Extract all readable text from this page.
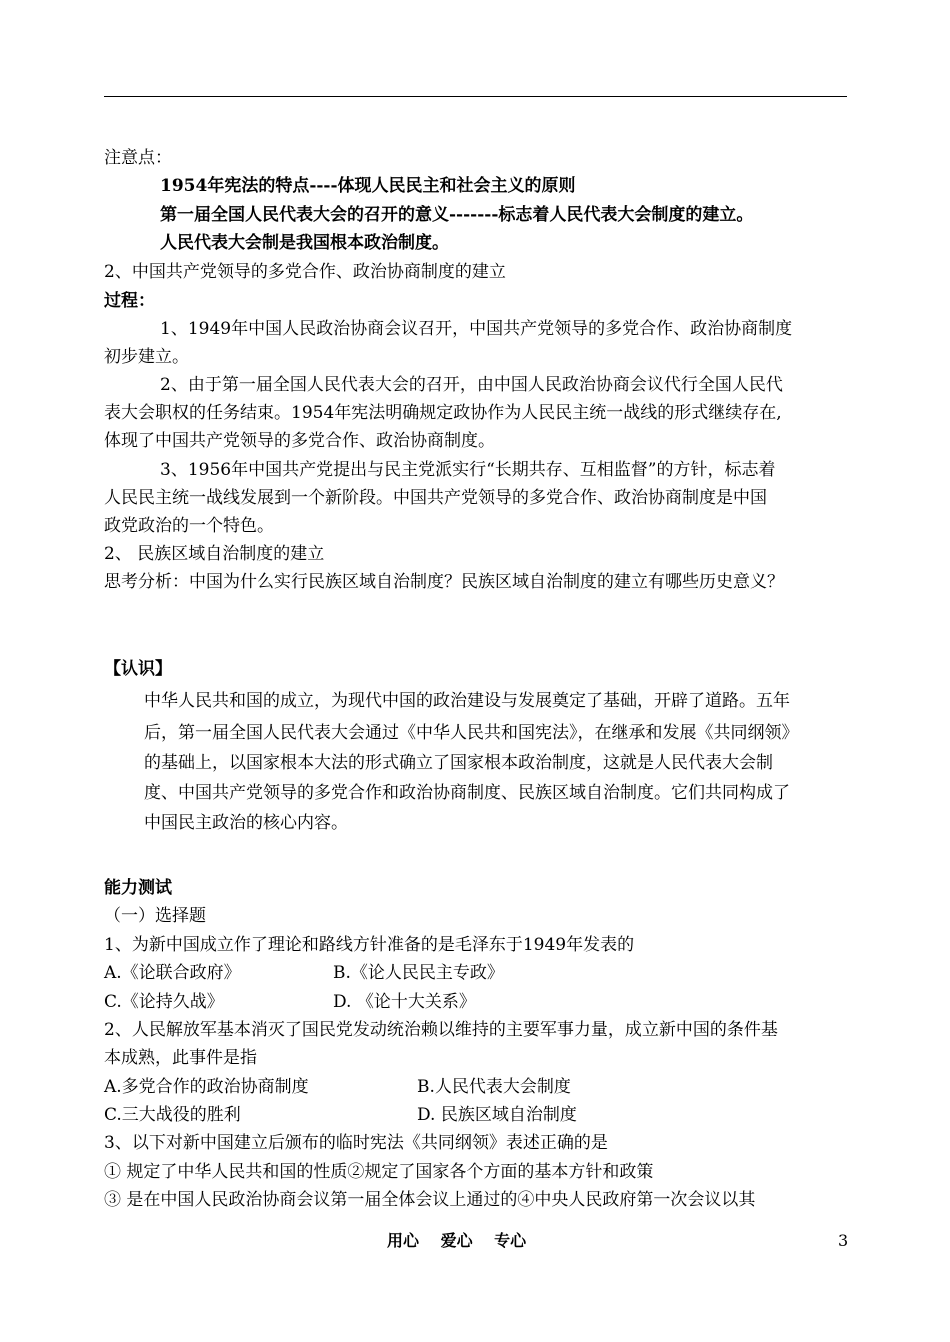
注意点：
1954年宪法的特点----体现人民民主和社会主义的原则
第一届全国人民代表大会的召开的意义-------标志着人民代表大会制度的建立。
人民代表大会制是我国根本政治制度。
2、中国共产党领导的多党合作、政治协商制度的建立
过程：
1、1949年中国人民政治协商会议召开，中国共产党领导的多党合作、政治协商制度
初步建立。
2、由于第一届全国人民代表大会的召开，由中国人民政治协商会议代行全国人民代
表大会职权的任务结束。1954年宪法明确规定政协作为人民民主统一战线的形式继续存在,
体现了中国共产党领导的多党合作、政治协商制度。
3、1956年中国共产党提出与民主党派实行“长期共存、互相监督”的方针，标志着
人民民主统一战线发展到一个新阶段。中国共产党领导的多党合作、政治协商制度是中国
政党政治的一个特色。
2、 民族区域自治制度的建立
思考分析：中国为什么实行民族区域自治制度？民族区域自治制度的建立有哪些历史意义？
【认识】
中华人民共和国的成立，为现代中国的政治建设与发展奠定了基础，开辟了道路。五年
后，第一届全国人民代表大会通过《中华人民共和国宪法》，在继承和发展《共同纲领》
的基础上，以国家根本大法的形式确立了国家根本政治制度，这就是人民代表大会制
度、中国共产党领导的多党合作和政治协商制度、民族区域自治制度。它们共同构成了
中国民主政治的核心内容。
能力测试
（一）选择题
1、为新中国成立作了理论和路线方针准备的是毛泽东于1949年发表的
A.《论联合政府》	B.《论人民民主专政》
C.《论持久战》	D. 《论十大关系》
2、人民解放军基本消灭了国民党发动统治赖以维持的主要军事力量，成立新中国的条件基
本成熟，此事件是指
A.多党合作的政治协商制度	B.人民代表大会制度
C.三大战役的胜利	D. 民族区域自治制度
3、以下对新中国建立后颁布的临时宪法《共同纲领》表述正确的是
① 规定了中华人民共和国的性质②规定了国家各个方面的基本方针和政策
③ 是在中国人民政治协商会议第一届全体会议上通过的④中央人民政府第一次会议以其
用心　 爱心　 专心	3
